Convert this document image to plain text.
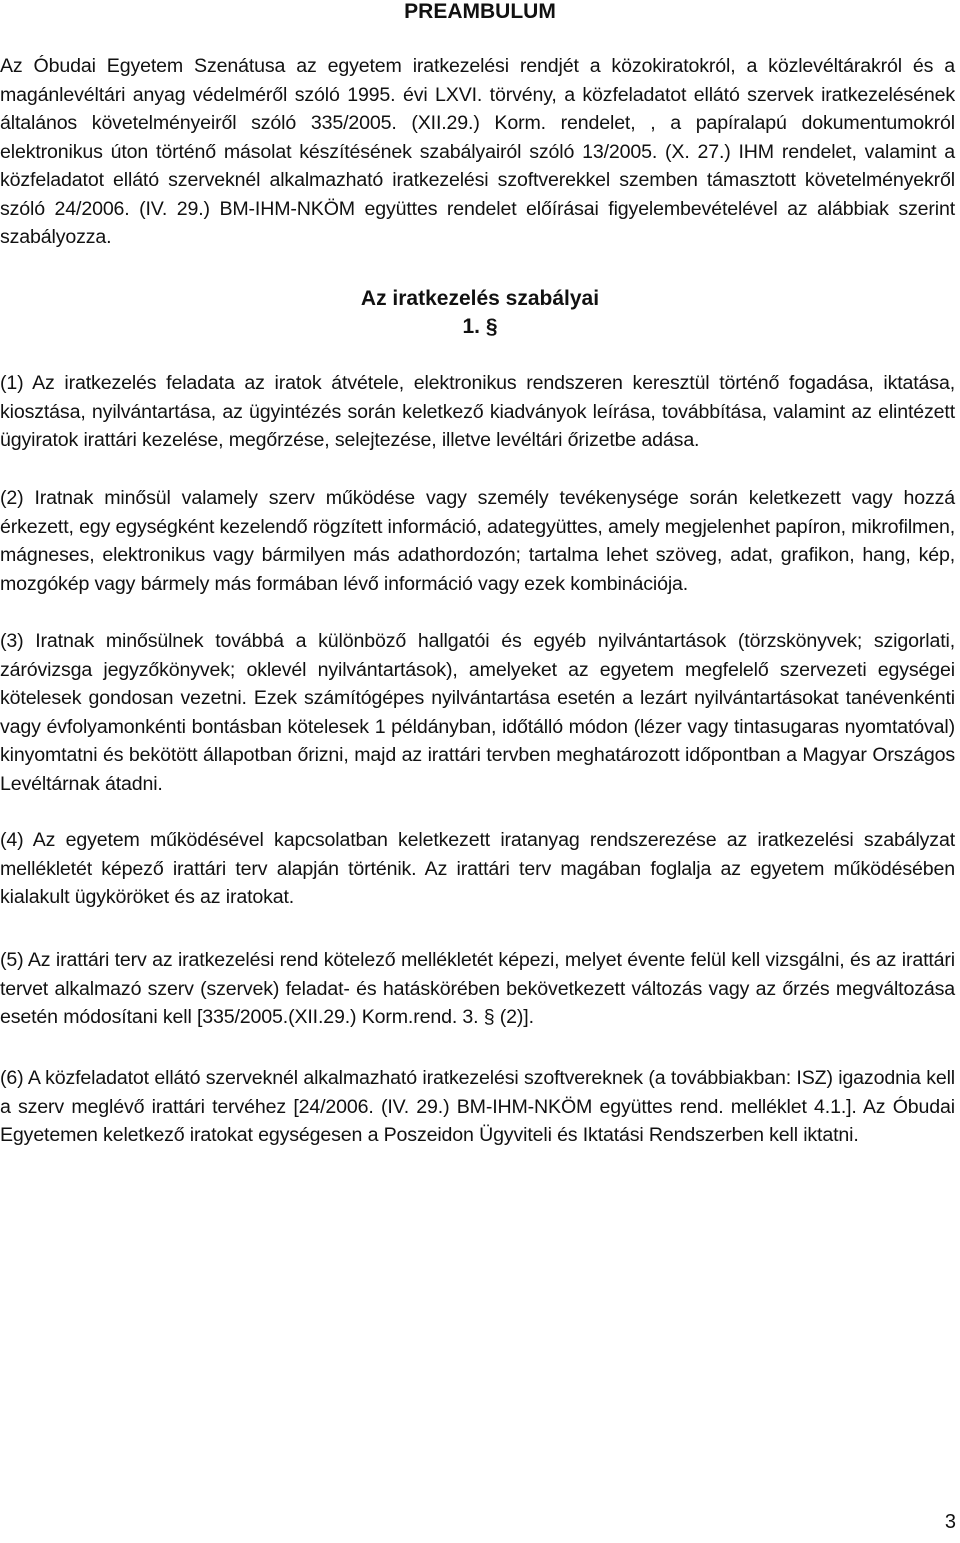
PREAMBULUM

Az Óbudai Egyetem Szenátusa az egyetem iratkezelési rendjét a közokiratokról, a közlevéltárakról és a magánlevéltári anyag védelméről szóló 1995. évi LXVI. törvény, a közfeladatot ellátó szervek iratkezelésének általános követelményeiről szóló 335/2005. (XII.29.) Korm. rendelet, , a papíralapú dokumentumokról elektronikus úton történő másolat készítésének szabályairól szóló 13/2005. (X. 27.) IHM rendelet, valamint a közfeladatot ellátó szerveknél alkalmazható iratkezelési szoftverekkel szemben támasztott követelményekről szóló 24/2006. (IV. 29.) BM-IHM-NKÖM együttes rendelet előírásai figyelembevételével az alábbiak szerint szabályozza.

Az iratkezelés szabályai
1. §

(1) Az iratkezelés feladata az iratok átvétele, elektronikus rendszeren keresztül történő fogadása, iktatása, kiosztása, nyilvántartása, az ügyintézés során keletkező kiadványok leírása, továbbítása, valamint az elintézett ügyiratok irattári kezelése, megőrzése, selejtezése, illetve levéltári őrizetbe adása.

(2) Iratnak minősül valamely szerv működése vagy személy tevékenysége során keletkezett vagy hozzá érkezett, egy egységként kezelendő rögzített információ, adategyüttes, amely megjelenhet papíron, mikrofilmen, mágneses, elektronikus vagy bármilyen más adathordozón; tartalma lehet szöveg, adat, grafikon, hang, kép, mozgókép vagy bármely más formában lévő információ vagy ezek kombinációja.

(3) Iratnak minősülnek továbbá a különböző hallgatói és egyéb nyilvántartások (törzskönyvek; szigorlati, záróvizsga jegyzőkönyvek; oklevél nyilvántartások), amelyeket az egyetem megfelelő szervezeti egységei kötelesek gondosan vezetni. Ezek számítógépes nyilvántartása esetén a lezárt nyilvántartásokat tanévenkénti vagy évfolyamonkénti bontásban kötelesek 1 példányban, időtálló módon (lézer vagy tintasugaras nyomtatóval) kinyomtatni és bekötött állapotban őrizni, majd az irattári tervben meghatározott időpontban a Magyar Országos Levéltárnak átadni.

(4) Az egyetem működésével kapcsolatban keletkezett iratanyag rendszerezése az iratkezelési szabályzat mellékletét képező irattári terv alapján történik. Az irattári terv magában foglalja az egyetem működésében kialakult ügyköröket és az iratokat.

(5) Az irattári terv az iratkezelési rend kötelező mellékletét képezi, melyet évente felül kell vizsgálni, és az irattári tervet alkalmazó szerv (szervek) feladat- és hatáskörében bekövetkezett változás vagy az őrzés megváltozása esetén módosítani kell [335/2005.(XII.29.) Korm.rend. 3. § (2)].

(6) A közfeladatot ellátó szerveknél alkalmazható iratkezelési szoftvereknek (a továbbiakban: ISZ) igazodnia kell a szerv meglévő irattári tervéhez [24/2006. (IV. 29.) BM-IHM-NKÖM együttes rend. melléklet 4.1.]. Az Óbudai Egyetemen keletkező iratokat egységesen a Poszeidon Ügyviteli és Iktatási Rendszerben kell iktatni.

3
